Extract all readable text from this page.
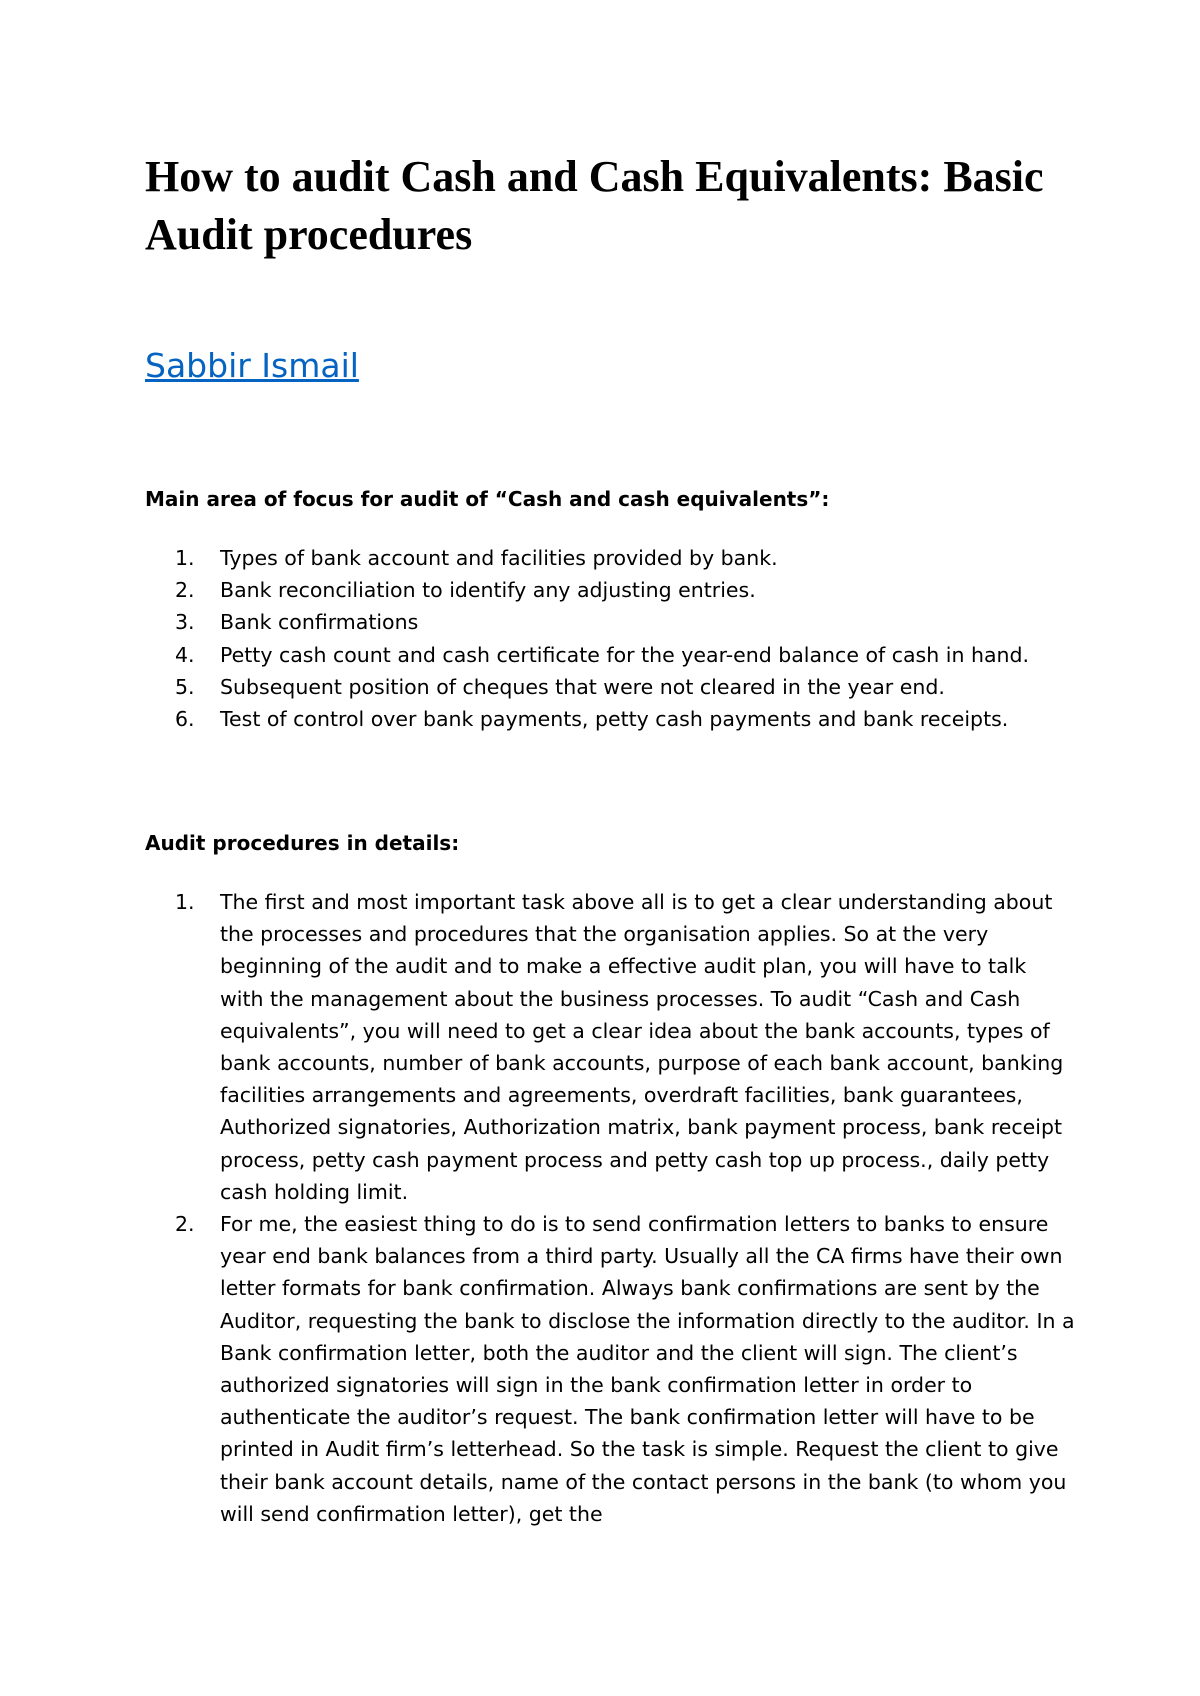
How to audit Cash and Cash Equivalents: Basic Audit procedures
Sabbir Ismail
Main area of focus for audit of “Cash and cash equivalents”:
1.	Types of bank account and facilities provided by bank.
2.	Bank reconciliation to identify any adjusting entries.
3.	Bank confirmations
4.	Petty cash count and cash certificate for the year-end balance of cash in hand.
5.	Subsequent position of cheques that were not cleared in the year end.
6.	Test of control over bank payments, petty cash payments and bank receipts.
Audit procedures in details:
1.	The first and most important task above all is to get a clear understanding about the processes and procedures that the organisation applies. So at the very beginning of the audit and to make a effective audit plan, you will have to talk with the management about the business processes. To audit “Cash and Cash equivalents”, you will need to get a clear idea about the bank accounts, types of bank accounts, number of bank accounts, purpose of each bank account, banking facilities arrangements and agreements, overdraft facilities, bank guarantees, Authorized signatories, Authorization matrix, bank payment process, bank receipt process, petty cash payment process and petty cash top up process., daily petty cash holding limit.
2.	For me, the easiest thing to do is to send confirmation letters to banks to ensure year end bank balances from a third party. Usually all the CA firms have their own letter formats for bank confirmation. Always bank confirmations are sent by the Auditor, requesting the bank to disclose the information directly to the auditor. In a Bank confirmation letter, both the auditor and the client will sign. The client’s authorized signatories will sign in the bank confirmation letter in order to authenticate the auditor’s request. The bank confirmation letter will have to be printed in Audit firm’s letterhead. So the task is simple. Request the client to give their bank account details, name of the contact persons in the bank (to whom you will send confirmation letter), get the
